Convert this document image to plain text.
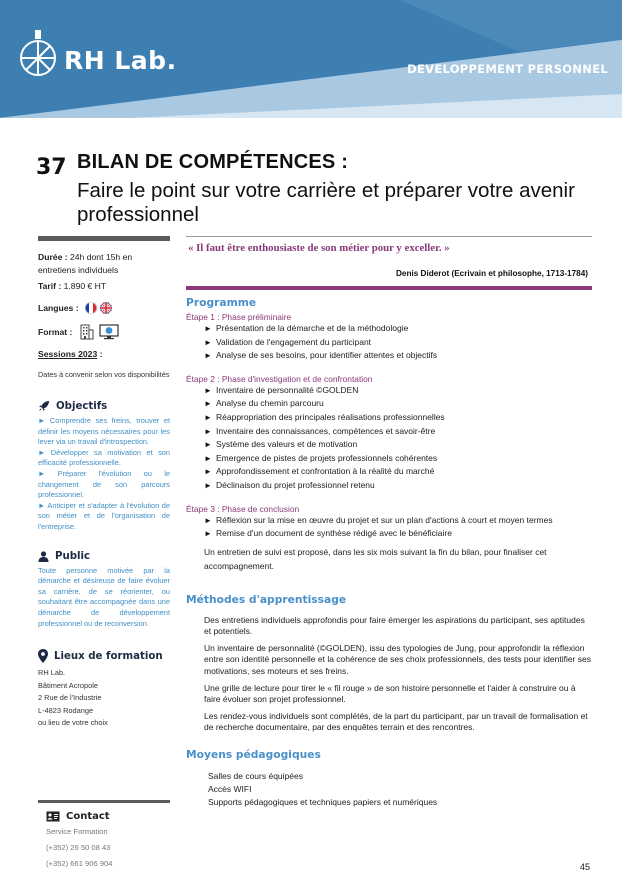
RH Lab.	DEVELOPPEMENT PERSONNEL
37 BILAN DE COMPÉTENCES :
Faire le point sur votre carrière et préparer votre avenir professionnel
Durée : 24h dont 15h en entretiens individuels
Tarif : 1.890 € HT
Langues :
Format :
Sessions 2023 :
Dates à convenir selon vos disponibilités
Objectifs
► Comprendre ses freins, trouver et définir les moyens nécessaires pour les lever via un travail d'introspection.
► Développer sa motivation et son efficacité professionnelle.
► Préparer l'évolution ou le changement de son parcours professionnel.
► Anticiper et s'adapter à l'évolution de son métier et de l'organisation de l'entreprise.
Public
Toute personne motivée par la démarche et désireuse de faire évoluer sa carrière, de se réorienter, ou souhaitant être accompagnée dans une démarche de développement professionnel ou de reconversion.
Lieux de formation
RH Lab.
Bâtiment Acropole
2 Rue de l'Industrie
L-4823 Rodange
ou lieu de votre choix
Contact
Service Formation
(+352) 26 50 08 43
(+352) 661 906 904
« Il faut être enthousiaste de son métier pour y exceller. »
Denis Diderot (Ecrivain et philosophe, 1713-1784)
Programme
Étape 1 : Phase préliminaire
► Présentation de la démarche et de la méthodologie
► Validation de l'engagement du participant
► Analyse de ses besoins, pour identifier attentes et objectifs
Étape 2 : Phase d'investigation et de confrontation
► Inventaire de personnalité ©GOLDEN
► Analyse du chemin parcouru
► Réappropriation des principales réalisations professionnelles
► Inventaire des connaissances, compétences et savoir-être
► Système des valeurs et de motivation
► Emergence de pistes de projets professionnels cohérentes
► Approfondissement et confrontation à la réalité du marché
► Déclinaison du projet professionnel retenu
Étape 3 : Phase de conclusion
► Réflexion sur la mise en œuvre du projet et sur un plan d'actions à court et moyen termes
► Remise d'un document de synthèse rédigé avec le bénéficiaire
Un entretien de suivi est proposé, dans les six mois suivant la fin du bilan, pour finaliser cet accompagnement.
Méthodes d'apprentissage
Des entretiens individuels approfondis pour faire émerger les aspirations du participant, ses aptitudes et potentiels.
Un inventaire de personnalité (©GOLDEN), issu des typologies de Jung, pour approfondir la réflexion entre son identité personnelle et la cohérence de ses choix professionnels, des tests pour identifier ses motivations, ses moteurs et ses freins.
Une grille de lecture pour tirer le « fil rouge » de son histoire personnelle et l'aider à construire ou à faire évoluer son projet professionnel.
Les rendez-vous individuels sont complétés, de la part du participant, par un travail de formalisation et de recherche documentaire, par des enquêtes terrain et des rencontres.
Moyens pédagogiques
Salles de cours équipées
Accès WIFI
Supports pédagogiques et techniques papiers et numériques
45
